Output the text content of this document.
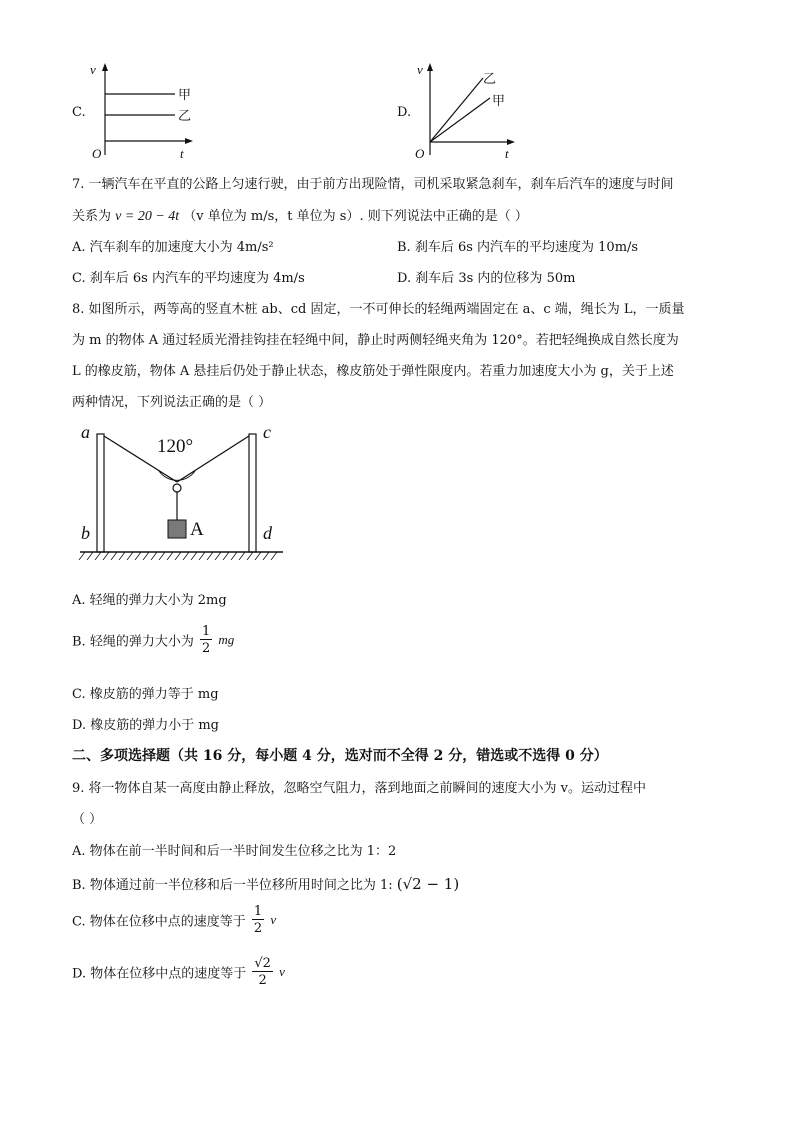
C.
v
t
O
甲
乙	D.
v
t
O
乙
甲
7. 一辆汽车在平直的公路上匀速行驶，由于前方出现险情，司机采取紧急刹车，刹车后汽车的速度与时间
关系为 v = 20 − 4t （v 单位为 m/s，t 单位为 s）. 则下列说法中正确的是（ ）
A. 汽车刹车的加速度大小为 4m/s²	B. 刹车后 6s 内汽车的平均速度为 10m/s
C. 刹车后 6s 内汽车的平均速度为 4m/s	D. 刹车后 3s 内的位移为 50m
8. 如图所示，两等高的竖直木桩 ab、cd 固定，一不可伸长的轻绳两端固定在 a、c 端，绳长为 L，一质量
为 m 的物体 A 通过轻质光滑挂钩挂在轻绳中间，静止时两侧轻绳夹角为 120°。若把轻绳换成自然长度为
L 的橡皮筋，物体 A 悬挂后仍处于静止状态，橡皮筋处于弹性限度内。若重力加速度大小为 g，关于上述
两种情况，下列说法正确的是（ ）
a	c
b	d
120°
A
A. 轻绳的弹力大小为 2mg
B. 轻绳的弹力大小为 $\frac{1}{2}$ mg
C. 橡皮筋的弹力等于 mg
D. 橡皮筋的弹力小于 mg
二、多项选择题（共 16 分，每小题 4 分，选对而不全得 2 分，错选或不选得 0 分）
9. 将一物体自某一高度由静止释放，忽略空气阻力，落到地面之前瞬间的速度大小为 v。运动过程中
（ ）
A. 物体在前一半时间和后一半时间发生位移之比为 1：2
B. 物体通过前一半位移和后一半位移所用时间之比为 1: (√2 − 1)
C. 物体在位移中点的速度等于 $\frac{1}{2}$ v
D. 物体在位移中点的速度等于 $\frac{√2}{2}$ v
